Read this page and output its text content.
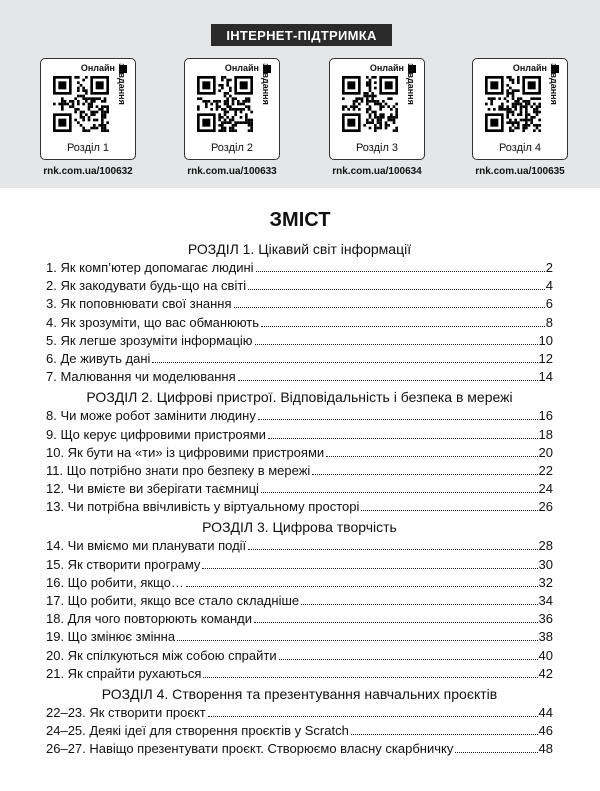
ІНТЕРНЕТ-ПІДТРИМКА
Онлайн завдання
Розділ 1
rnk.com.ua/100632
Онлайн завдання
Розділ 2
rnk.com.ua/100633
Онлайн завдання
Розділ 3
rnk.com.ua/100634
Онлайн завдання
Розділ 4
rnk.com.ua/100635
ЗМІСТ
РОЗДІЛ 1. Цікавий світ інформації
1. Як комп’ютер допомагає людині	2
2. Як закодувати будь-що на світі	4
3. Як поповнювати свої знання	6
4. Як зрозуміти, що вас обманюють	8
5. Як легше зрозуміти інформацію	10
6. Де живуть дані	12
7. Малювання чи моделювання	14
РОЗДІЛ 2. Цифрові пристрої. Відповідальність і безпека в мережі
8. Чи може робот замінити людину	16
9. Що керує цифровими пристроями	18
10. Як бути на «ти» із цифровими пристроями	20
11. Що потрібно знати про безпеку в мережі	22
12. Чи вмієте ви зберігати таємниці	24
13. Чи потрібна ввічливість у віртуальному просторі	26
РОЗДІЛ 3. Цифрова творчість
14. Чи вміємо ми планувати події	28
15. Як створити програму	30
16. Що робити, якщо…	32
17. Що робити, якщо все стало складніше	34
18. Для чого повторюють команди	36
19. Що змінює змінна	38
20. Як спілкуються між собою спрайти	40
21. Як спрайти рухаються	42
РОЗДІЛ 4. Створення та презентування навчальних проєктів
22–23. Як створити проєкт	44
24–25. Деякі ідеї для створення проєктів у Scratch	46
26–27. Навіщо презентувати проєкт. Створюємо власну скарбничку	48
